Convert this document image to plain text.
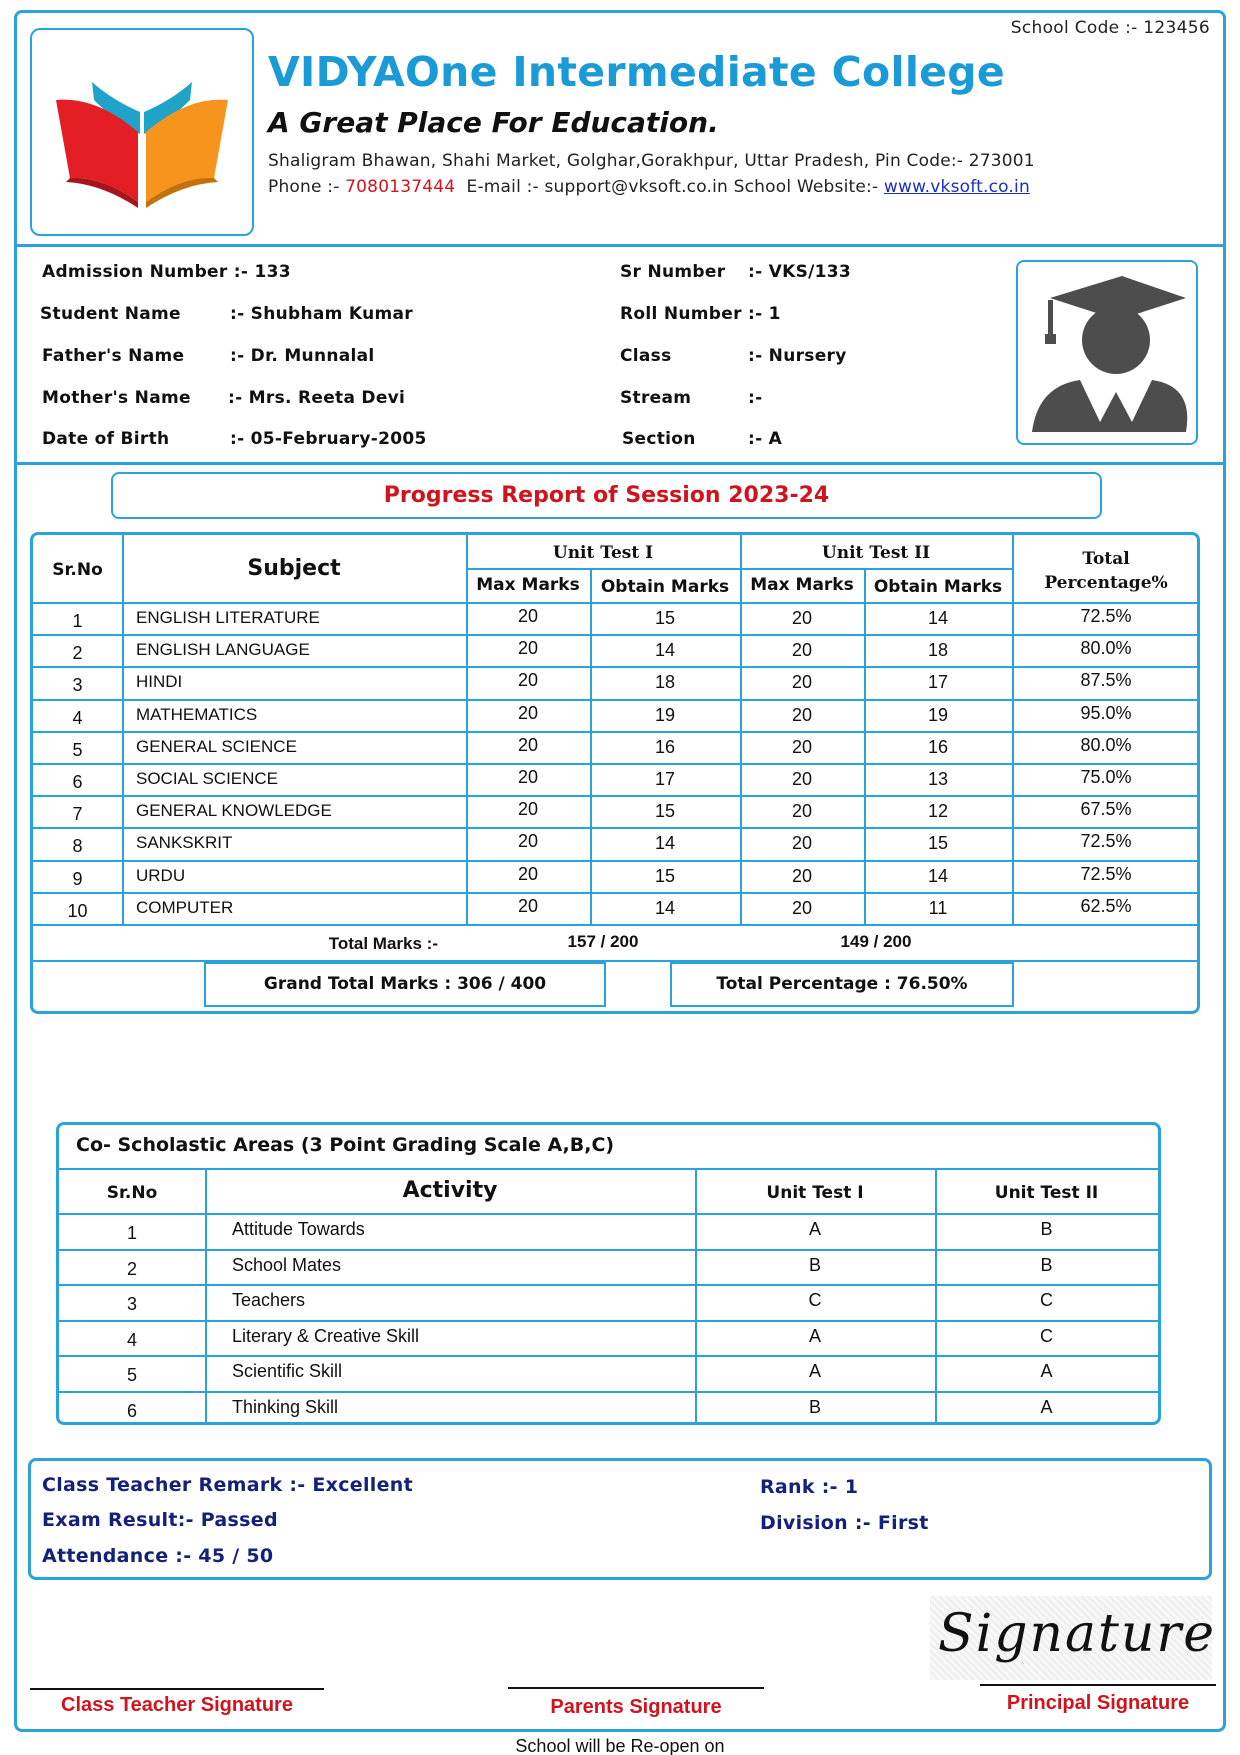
School Code :- 123456
VIDYAOne Intermediate College
A Great Place For Education.
Shaligram Bhawan, Shahi Market, Golghar,Gorakhpur, Uttar Pradesh, Pin Code:- 273001
Phone :- 7080137444  E-mail :- support@vksoft.co.in School Website:- www.vksoft.co.in
Admission Number :- 133
Student Name	:- Shubham Kumar
Father's Name	:- Dr. Munnalal
Mother's Name :- Mrs. Reeta Devi
Date of Birth	:- 05-February-2005
Sr Number :- VKS/133
Roll Number :- 1
Class	:- Nursery
Stream	:-
Section	:- A
Progress Report of Session 2023-24
Sr.No	Subject
Unit Test I	Unit Test II
Max Marks	Obtain Marks	Max Marks	Obtain Marks
Total
Percentage%
1	ENGLISH LITERATURE	20	15	20	14	72.5%
2	ENGLISH LANGUAGE	20	14	20	18	80.0%
3	HINDI	20	18	20	17	87.5%
4	MATHEMATICS	20	19	20	19	95.0%
5	GENERAL SCIENCE	20	16	20	16	80.0%
6	SOCIAL SCIENCE	20	17	20	13	75.0%
7	GENERAL KNOWLEDGE	20	15	20	12	67.5%
8	SANKSKRIT	20	14	20	15	72.5%
9	URDU	20	15	20	14	72.5%
10	COMPUTER	20	14	20	11	62.5%
Total Marks :-	157 / 200	149 / 200
Grand Total Marks : 306 / 400	Total Percentage : 76.50%
Sr.No	Activity	Unit Test I	Unit Test II
1	Attitude Towards	A	B
2	School Mates	B	B
3	Teachers	C	C
4	Literary & Creative Skill	A	C
5	Scientific Skill	A	A
6	Thinking Skill	B	A
Co- Scholastic Areas (3 Point Grading Scale A,B,C)
Class Teacher Remark :- Excellent
Exam Result:- Passed
Attendance :- 45 / 50
Rank :- 1
Division :- First
Signature
Class Teacher Signature	Parents Signature	Principal Signature
School will be Re-open on
